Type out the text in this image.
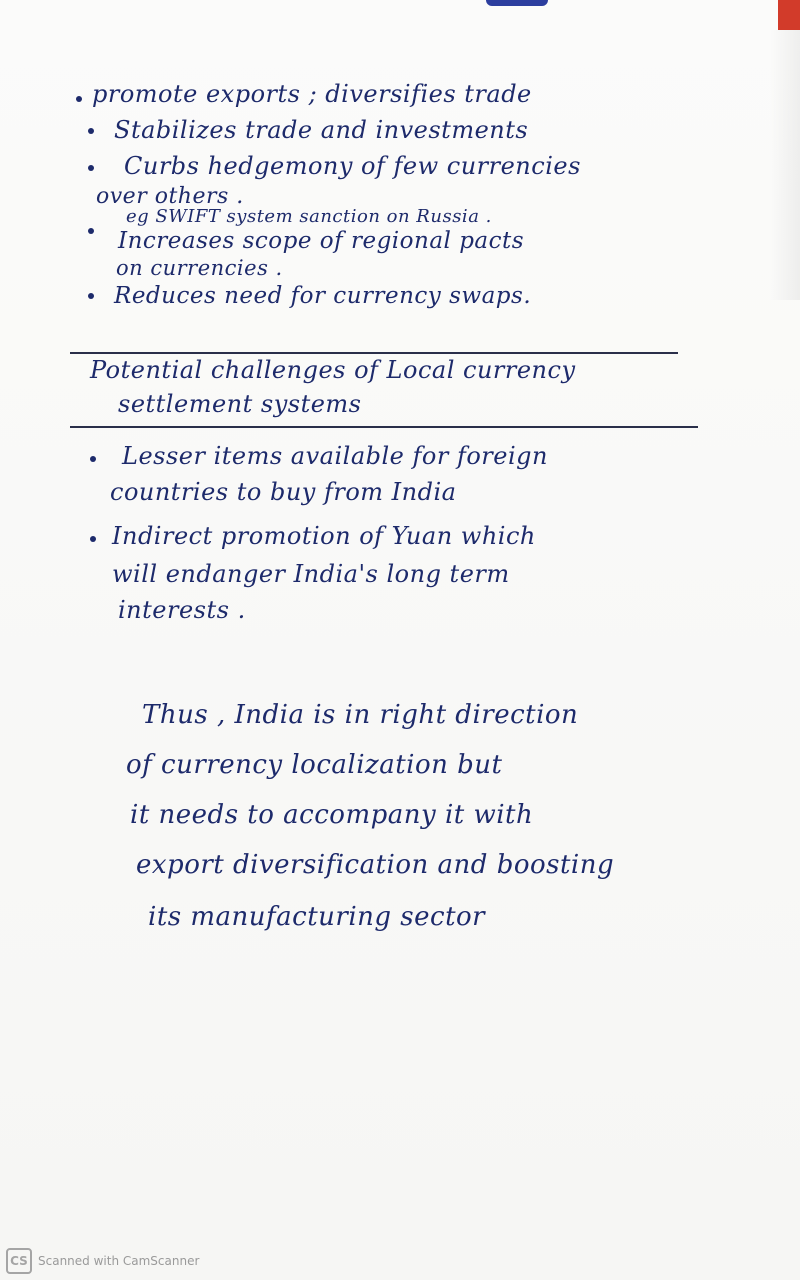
promote exports ; diversifies trade
Stabilizes trade and investments
Curbs hedgemony of few currencies
over others .
eg SWIFT system sanction on Russia .
Increases scope of regional pacts
on currencies .
Reduces need for currency swaps.
Potential challenges of Local currency
settlement systems
Lesser items available for foreign
countries to buy from India
Indirect promotion of Yuan which
will endanger India's long term
interests .
Thus , India is in right direction
of currency localization but
it needs to accompany it with
export diversification and boosting
its manufacturing sector
CS Scanned with CamScanner
